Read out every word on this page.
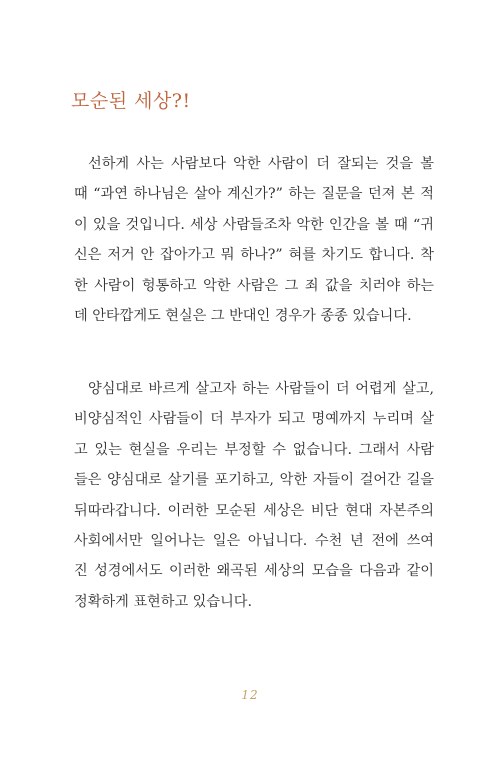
모순된 세상?!
선하게 사는 사람보다 악한 사람이 더 잘되는 것을 볼
때 “과연 하나님은 살아 계신가?” 하는 질문을 던져 본 적
이 있을 것입니다. 세상 사람들조차 악한 인간을 볼 때 “귀
신은 저거 안 잡아가고 뭐 하나?” 혀를 차기도 합니다. 착
한 사람이 헝통하고 악한 사람은 그 죄 값을 치러야 하는
데 안타깝게도 현실은 그 반대인 경우가 종종 있습니다.
양심대로 바르게 살고자 하는 사람들이 더 어렵게 살고,
비양심적인 사람들이 더 부자가 되고 명예까지 누리며 살
고 있는 현실을 우리는 부정할 수 없습니다. 그래서 사람
들은 양심대로 살기를 포기하고, 악한 자들이 걸어간 길을
뒤따라갑니다. 이러한 모순된 세상은 비단 현대 자본주의
사회에서만 일어나는 일은 아닙니다. 수천 년 전에 쓰여
진 성경에서도 이러한 왜곡된 세상의 모습을 다음과 같이
정확하게 표현하고 있습니다.
12
